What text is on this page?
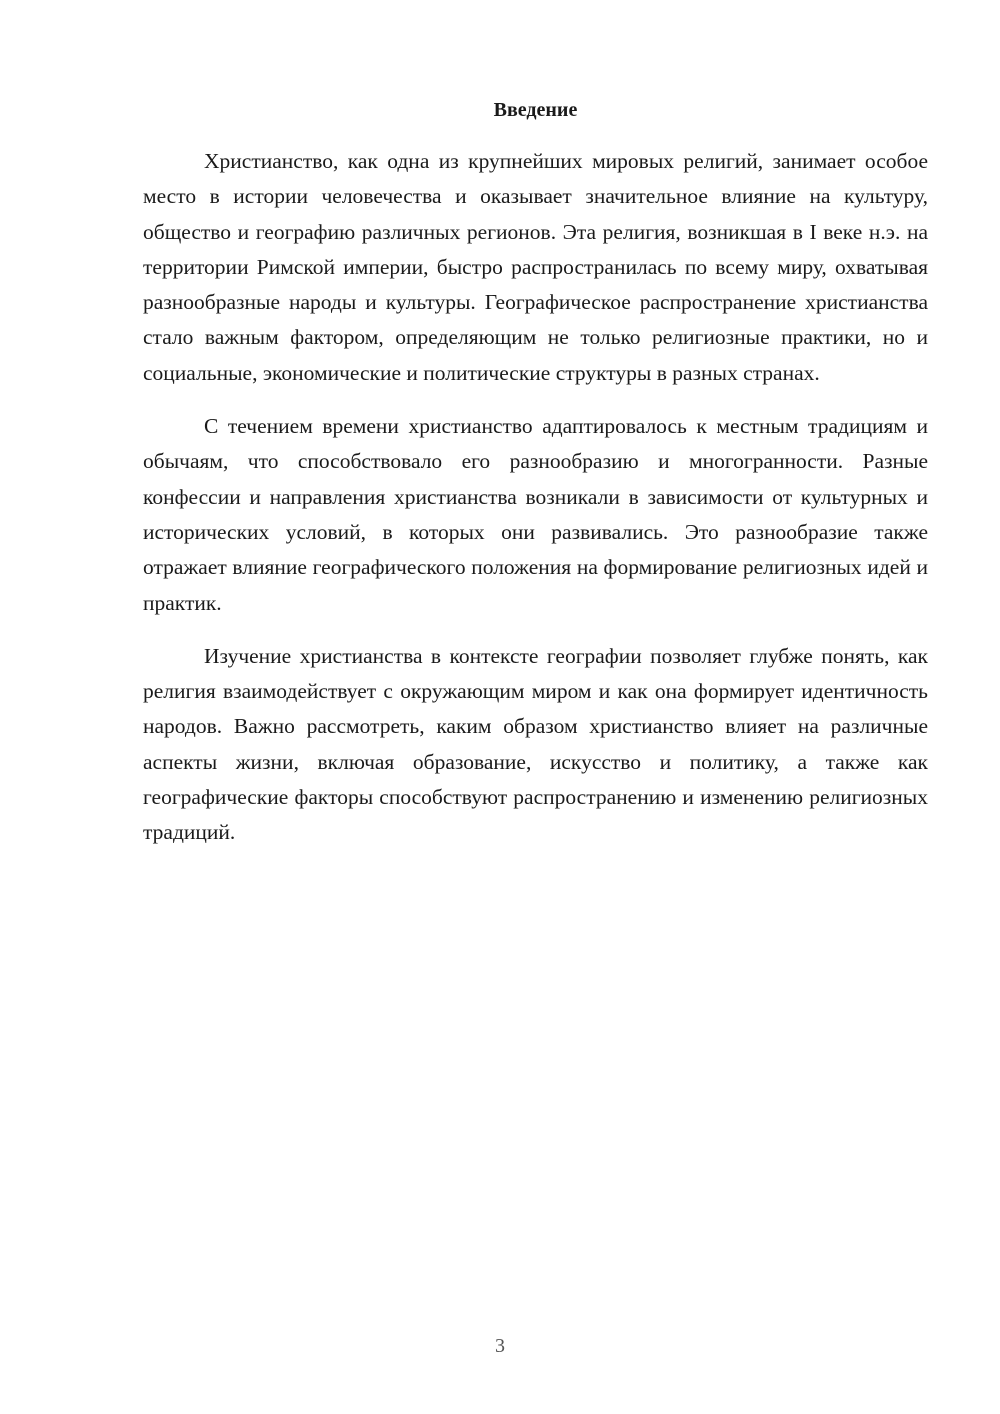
Введение

Христианство, как одна из крупнейших мировых религий, занимает особое место в истории человечества и оказывает значительное влияние на культуру, общество и географию различных регионов. Эта религия, возникшая в I веке н.э. на территории Римской империи, быстро распространилась по всему миру, охватывая разнообразные народы и культуры. Географическое распространение христианства стало важным фактором, определяющим не только религиозные практики, но и социальные, экономические и политические структуры в разных странах.

С течением времени христианство адаптировалось к местным традициям и обычаям, что способствовало его разнообразию и многогранности. Разные конфессии и направления христианства возникали в зависимости от культурных и исторических условий, в которых они развивались. Это разнообразие также отражает влияние географического положения на формирование религиозных идей и практик.

Изучение христианства в контексте географии позволяет глубже понять, как религия взаимодействует с окружающим миром и как она формирует идентичность народов. Важно рассмотреть, каким образом христианство влияет на различные аспекты жизни, включая образование, искусство и политику, а также как географические факторы способствуют распространению и изменению религиозных традиций.

3
